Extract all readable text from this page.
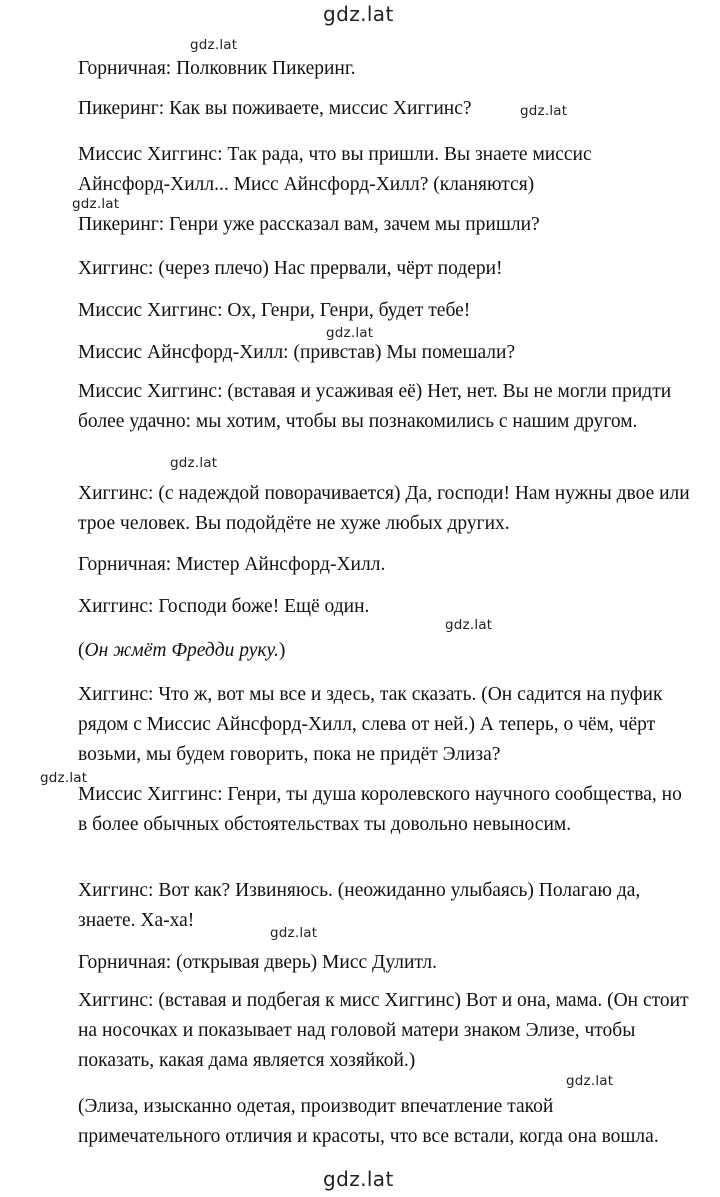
gdz.lat
gdz.lat
gdz.lat
gdz.lat
gdz.lat
gdz.lat
gdz.lat
gdz.lat
gdz.lat
gdz.lat

Горничная: Полковник Пикеринг.

Пикеринг: Как вы поживаете, миссис Хиггинс?

Миссис Хиггинс: Так рада, что вы пришли. Вы знаете миссис Айнсфорд-Хилл... Мисс Айнсфорд-Хилл? (кланяются)

Пикеринг: Генри уже рассказал вам, зачем мы пришли?

Хиггинс: (через плечо) Нас прервали, чёрт подери!

Миссис Хиггинс: Ох, Генри, Генри, будет тебе!

Миссис Айнсфорд-Хилл: (привстав) Мы помешали?

Миссис Хиггинс: (вставая и усаживая её) Нет, нет. Вы не могли придти более удачно: мы хотим, чтобы вы познакомились с нашим другом.

Хиггинс: (с надеждой поворачивается) Да, господи! Нам нужны двое или трое человек. Вы подойдёте не хуже любых других.

Горничная: Мистер Айнсфорд-Хилл.

Хиггинс: Господи боже! Ещё один.

(Он жмёт Фредди руку.)

Хиггинс: Что ж, вот мы все и здесь, так сказать. (Он садится на пуфик рядом с Миссис Айнсфорд-Хилл, слева от ней.) А теперь, о чём, чёрт возьми, мы будем говорить, пока не придёт Элиза?

Миссис Хиггинс: Генри, ты душа королевского научного сообщества, но в более обычных обстоятельствах ты довольно невыносим.

Хиггинс: Вот как? Извиняюсь. (неожиданно улыбаясь) Полагаю да, знаете. Ха-ха!

Горничная: (открывая дверь) Мисс Дулитл.

Хиггинс: (вставая и подбегая к мисс Хиггинс) Вот и она, мама. (Он стоит на носочках и показывает над головой матери знаком Элизе, чтобы показать, какая дама является хозяйкой.)

(Элиза, изысканно одетая, производит впечатление такой примечательного отличия и красоты, что все встали, когда она вошла.

gdz.lat
